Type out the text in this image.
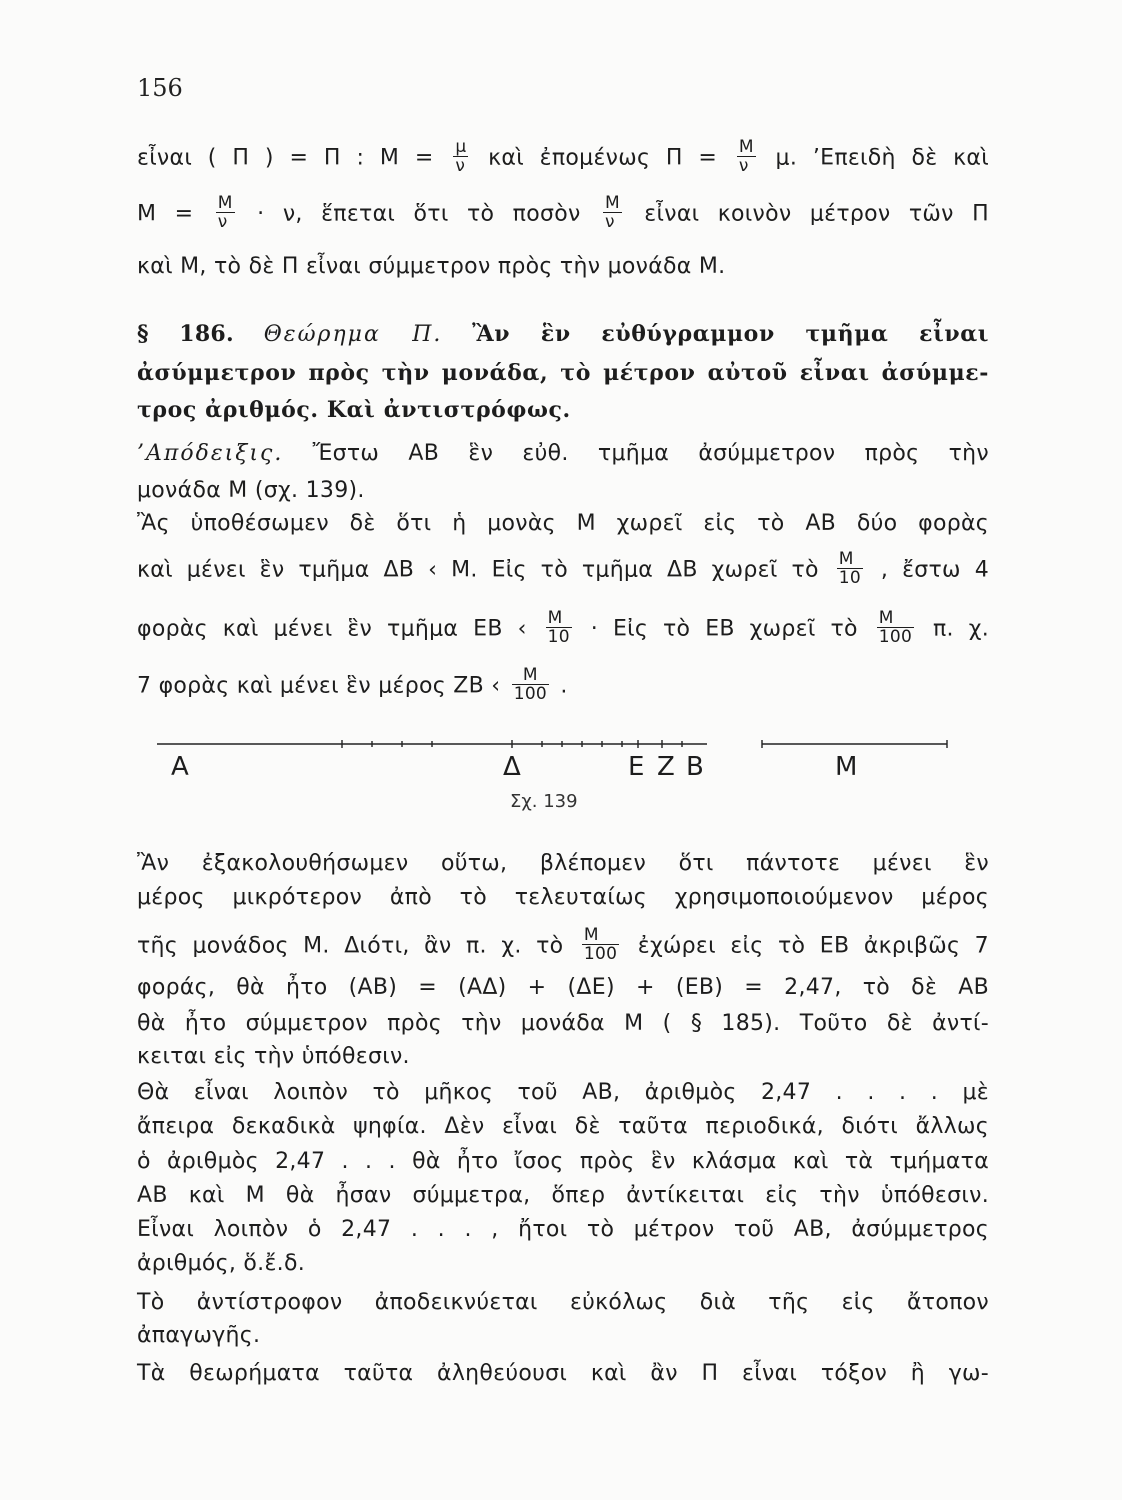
156
εἶναι ( Π ) = Π : $M = \frac{\mu}{\nu}$ καὶ ἐπομένως $\Pi = \frac{M}{\nu} \mu$. ’Επειδὴ δὲ καὶ
$M = \frac{M}{\nu} \cdot \nu$, ἕπεται ὅτι τὸ ποσὸν $\frac{M}{\nu}$ εἶναι κοινὸν μέτρον τῶν Π
καὶ Μ, τὸ δὲ Π εἶναι σύμμετρον πρὸς τὴν μονάδα Μ.
§ 186. Θεώρημα Π. Ἂν ἓν εὐθύγραμμον τμῆμα εἶναι
ἀσύμμετρον πρὸς τὴν μονάδα, τὸ μέτρον αὐτοῦ εἶναι ἀσύμμε-
τρος ἀριθμός. Καὶ ἀντιστρόφως.
’Απόδειξις. Ἔστω ΑΒ ἓν εὐθ. τμῆμα ἀσύμμετρον πρὸς τὴν
μονάδα Μ (σχ. 139).
Ἂς ὑποθέσωμεν δὲ ὅτι ἡ μονὰς Μ χωρεῖ εἰς τὸ ΑΒ δύο φορὰς
καὶ μένει ἓν τμῆμα ΔΒ ‹ Μ. Εἰς τὸ τμῆμα ΔΒ χωρεῖ τὸ $\frac{M}{10}$ , ἔστω 4
φορὰς καὶ μένει ἓν τμῆμα ΕΒ ‹ $\frac{M}{10}$ · Εἰς τὸ ΕΒ χωρεῖ τὸ $\frac{M}{100} \pi$. χ.
7 φορὰς καὶ μένει ἓν μέρος ΖΒ ‹ $\frac{M}{100}$ .
Α	Δ	Ε Ζ Β	Μ
Σχ. 139
Ἂν ἐξακολουθήσωμεν οὕτω, βλέπομεν ὅτι πάντοτε μένει ἓν
μέρος μικρότερον ἀπὸ τὸ τελευταίως χρησιμοποιούμενον μέρος
τῆς μονάδος Μ. Διότι, ἂν π. χ. τὸ $\frac{M}{100}$ ἐχώρει εἰς τὸ ΕΒ ἀκριβῶς 7
φοράς, θὰ ἦτο (ΑΒ) = (ΑΔ) + (ΔΕ) + (ΕΒ) = 2,47, τὸ δὲ ΑΒ
θὰ ἦτο σύμμετρον πρὸς τὴν μονάδα Μ ( § 185). Τοῦτο δὲ ἀντί-
κειται εἰς τὴν ὑπόθεσιν.
Θὰ εἶναι λοιπὸν τὸ μῆκος τοῦ ΑΒ, ἀριθμὸς 2,47 . . . . μὲ
ἄπειρα δεκαδικὰ ψηφία. Δὲν εἶναι δὲ ταῦτα περιοδικά, διότι ἄλλως
ὁ ἀριθμὸς 2,47 . . . θὰ ἦτο ἴσος πρὸς ἓν κλάσμα καὶ τὰ τμήματα
ΑΒ καὶ Μ θὰ ἦσαν σύμμετρα, ὅπερ ἀντίκειται εἰς τὴν ὑπόθεσιν.
Εἶναι λοιπὸν ὁ 2,47 . . . , ἤτοι τὸ μέτρον τοῦ ΑΒ, ἀσύμμετρος
ἀριθμός, ὅ.ἔ.δ.
Τὸ ἀντίστροφον ἀποδεικνύεται εὐκόλως διὰ τῆς εἰς ἄτοπον
ἀπαγωγῆς.
Τὰ θεωρήματα ταῦτα ἀληθεύουσι καὶ ἂν Π εἶναι τόξον ἢ γω-
